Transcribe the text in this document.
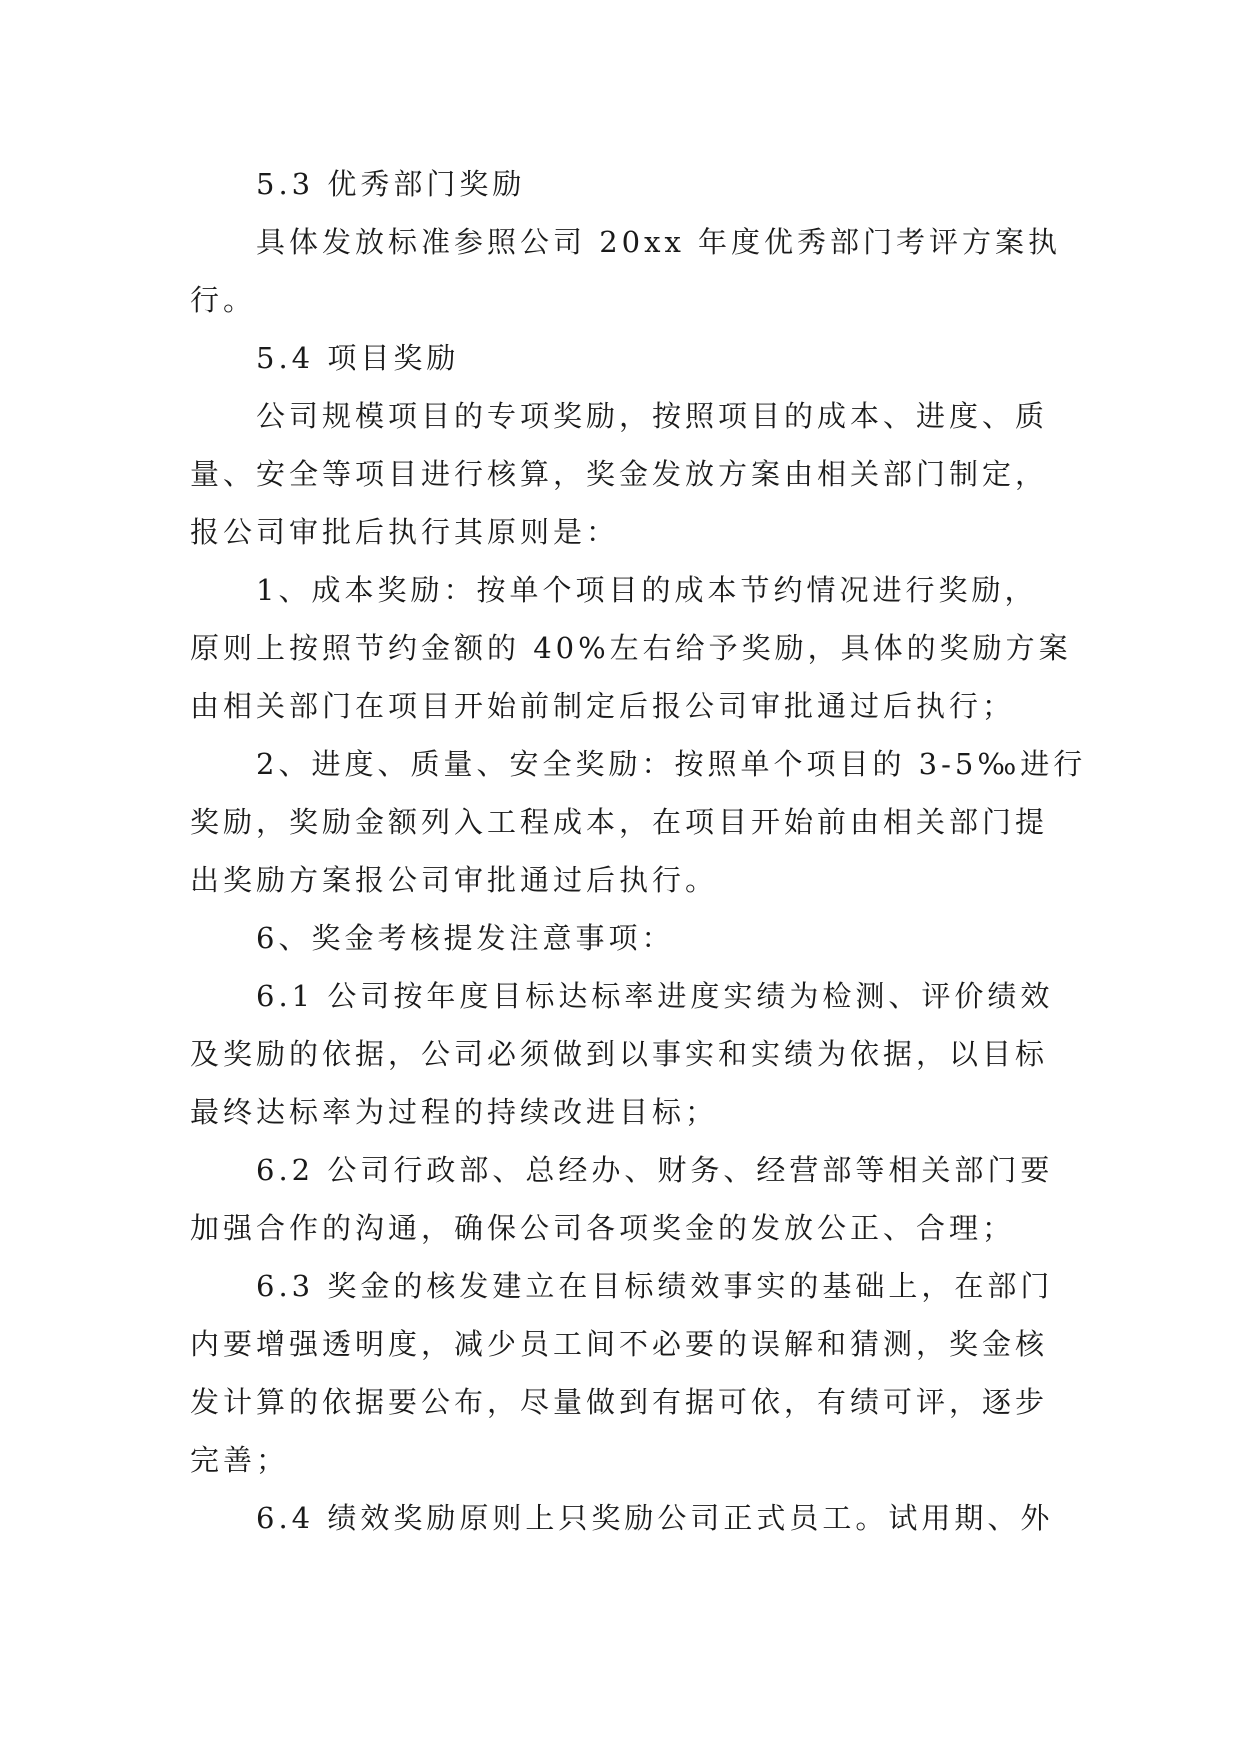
5.3 优秀部门奖励
具体发放标准参照公司 20xx 年度优秀部门考评方案执
行。
5.4 项目奖励
公司规模项目的专项奖励，按照项目的成本、进度、质
量、安全等项目进行核算，奖金发放方案由相关部门制定，
报公司审批后执行其原则是：
1、成本奖励：按单个项目的成本节约情况进行奖励，
原则上按照节约金额的 40%左右给予奖励，具体的奖励方案
由相关部门在项目开始前制定后报公司审批通过后执行；
2、进度、质量、安全奖励：按照单个项目的 3-5‰进行
奖励，奖励金额列入工程成本，在项目开始前由相关部门提
出奖励方案报公司审批通过后执行。
6、奖金考核提发注意事项：
6.1 公司按年度目标达标率进度实绩为检测、评价绩效
及奖励的依据，公司必须做到以事实和实绩为依据，以目标
最终达标率为过程的持续改进目标；
6.2 公司行政部、总经办、财务、经营部等相关部门要
加强合作的沟通，确保公司各项奖金的发放公正、合理；
6.3 奖金的核发建立在目标绩效事实的基础上，在部门
内要增强透明度，减少员工间不必要的误解和猜测，奖金核
发计算的依据要公布，尽量做到有据可依，有绩可评，逐步
完善；
6.4 绩效奖励原则上只奖励公司正式员工。试用期、外
